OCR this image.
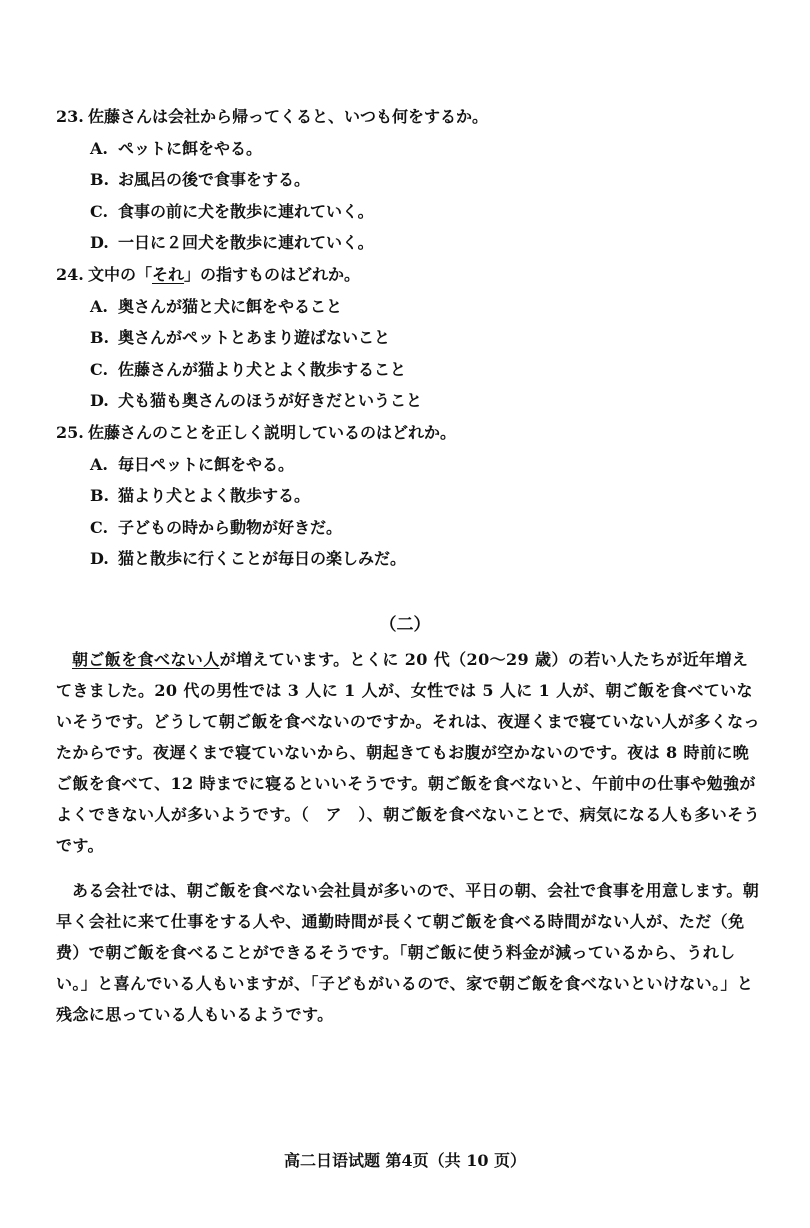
23. 佐藤さんは会社から帰ってくると、いつも何をするか。
A. ペットに餌をやる。
B. お風呂の後で食事をする。
C. 食事の前に犬を散歩に連れていく。
D. 一日に２回犬を散歩に連れていく。
24. 文中の「それ」の指すものはどれか。
A. 奥さんが猫と犬に餌をやること
B. 奥さんがペットとあまり遊ばないこと
C. 佐藤さんが猫より犬とよく散歩すること
D. 犬も猫も奥さんのほうが好きだということ
25. 佐藤さんのことを正しく説明しているのはどれか。
A. 毎日ペットに餌をやる。
B. 猫より犬とよく散歩する。
C. 子どもの時から動物が好きだ。
D. 猫と散歩に行くことが毎日の楽しみだ。
（二）
朝ご飯を食べない人が増えています。とくに 20 代（20～29 歳）の若い人たちが近年増えてきました。20 代の男性では 3 人に 1 人が、女性では 5 人に 1 人が、朝ご飯を食べていないそうです。どうして朝ご飯を食べないのですか。それは、夜遅くまで寝ていない人が多くなったからです。夜遅くまで寝ていないから、朝起きてもお腹が空かないのです。夜は 8 時前に晩ご飯を食べて、12 時までに寝るといいそうです。朝ご飯を食べないと、午前中の仕事や勉強がよくできない人が多いようです。（　ア　）、朝ご飯を食べないことで、病気になる人も多いそうです。
ある会社では、朝ご飯を食べない会社員が多いので、平日の朝、会社で食事を用意します。朝早く会社に来て仕事をする人や、通勤時間が長くて朝ご飯を食べる時間がない人が、ただ（免费）で朝ご飯を食べることができるそうです。「朝ご飯に使う料金が減っているから、うれしい。」と喜んでいる人もいますが、「子どもがいるので、家で朝ご飯を食べないといけない。」と残念に思っている人もいるようです。
高二日语试题 第4页（共 10 页）
